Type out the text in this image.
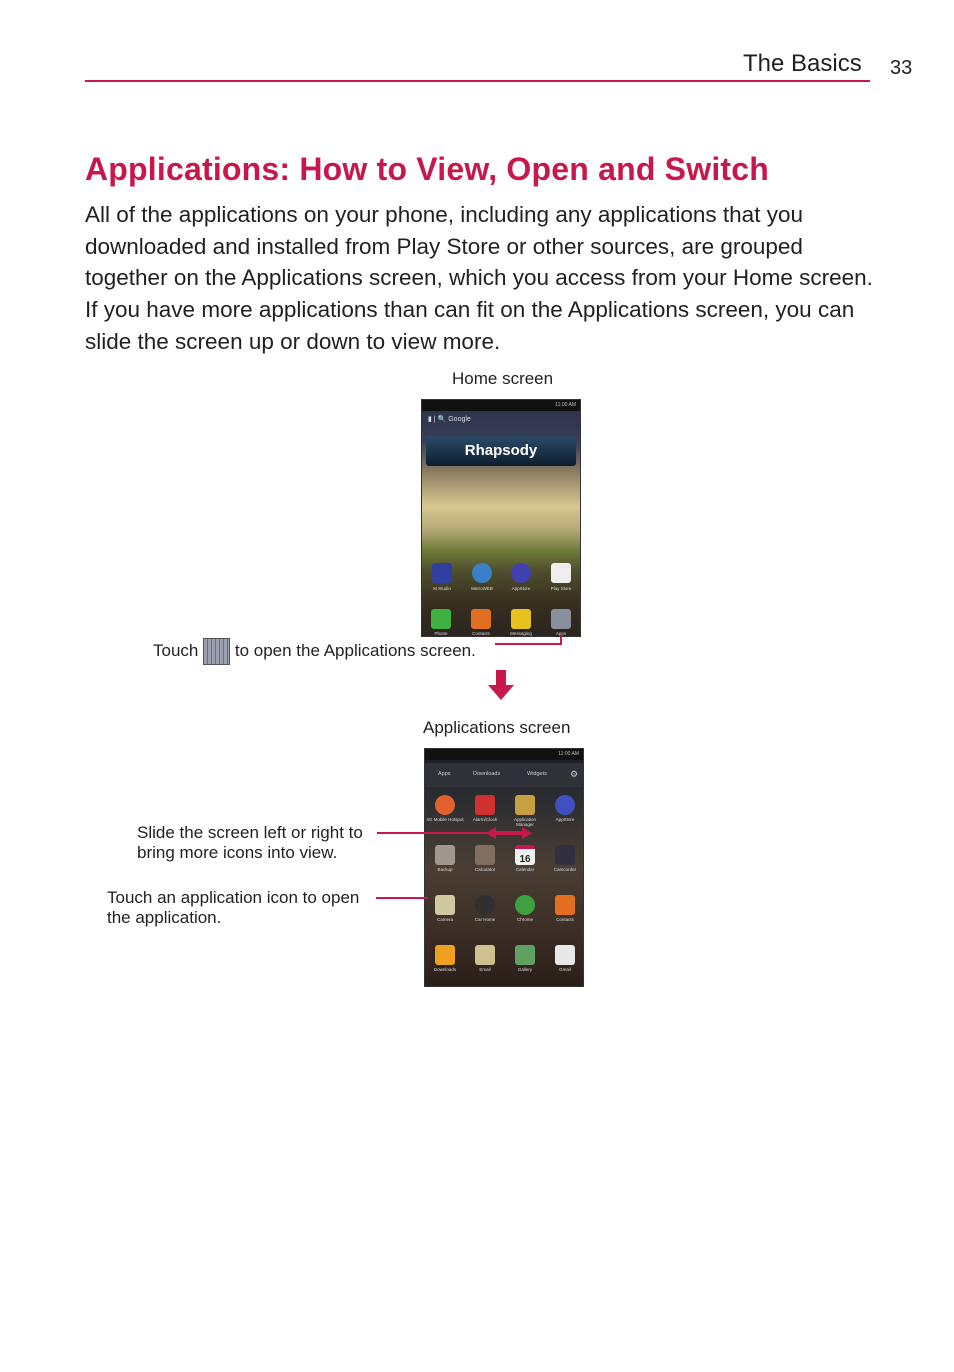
The Basics 33
Applications: How to View, Open and Switch
All of the applications on your phone, including any applications that you downloaded and installed from Play Store or other sources, are grouped together on the Applications screen, which you access from your Home screen. If you have more applications than can fit on the Applications screen, you can slide the screen up or down to view more.
Home screen
11:00 AM
▮ | 🔍 Google
Rhapsody
M Studio	MetroWEB	AppStore	Play Store
Phone	Contacts	Messaging	Apps
Touch to open the Applications screen.
Applications screen
11:00 AM
Apps	Downloads	Widgets	⚙
4G Mobile Hotspot	Alarm/Clock	Application Manager
AppStore
Backup	Calculator
16
Calendar	Camcorder
Camera	Car Home	Chrome	Contacts
Downloads	Email	Gallery	Gmail
Slide the screen left or right to
bring more icons into view.
Touch an application icon to open
the application.
